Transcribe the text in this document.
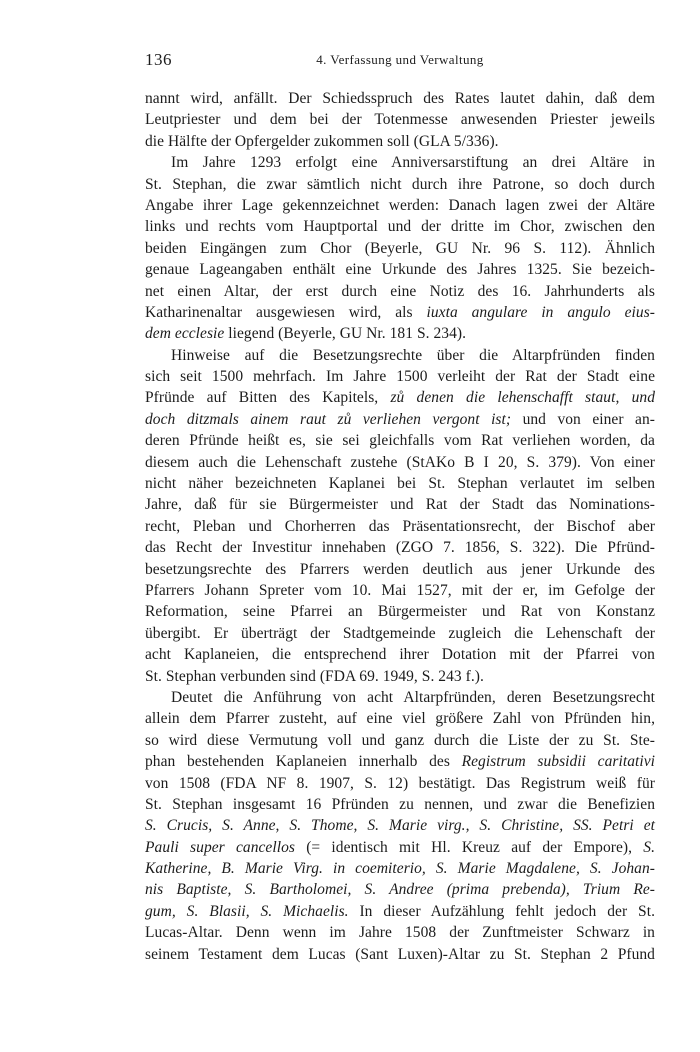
136	4. Verfassung und Verwaltung
nannt wird, anfällt. Der Schiedsspruch des Rates lautet dahin, daß dem
Leutpriester und dem bei der Totenmesse anwesenden Priester jeweils
die Hälfte der Opfergelder zukommen soll (GLA 5/336).
Im Jahre 1293 erfolgt eine Anniversarstiftung an drei Altäre in
St. Stephan, die zwar sämtlich nicht durch ihre Patrone, so doch durch
Angabe ihrer Lage gekennzeichnet werden: Danach lagen zwei der Altäre
links und rechts vom Hauptportal und der dritte im Chor, zwischen den
beiden Eingängen zum Chor (Beyerle, GU Nr. 96 S. 112). Ähnlich
genaue Lageangaben enthält eine Urkunde des Jahres 1325. Sie bezeich-
net einen Altar, der erst durch eine Notiz des 16. Jahrhunderts als
Katharinenaltar ausgewiesen wird, als iuxta angulare in angulo eius-
dem ecclesie liegend (Beyerle, GU Nr. 181 S. 234).
Hinweise auf die Besetzungsrechte über die Altarpfründen finden
sich seit 1500 mehrfach. Im Jahre 1500 verleiht der Rat der Stadt eine
Pfründe auf Bitten des Kapitels, zů denen die lehenschafft staut, und
doch ditzmals ainem raut zů verliehen vergont ist; und von einer an-
deren Pfründe heißt es, sie sei gleichfalls vom Rat verliehen worden, da
diesem auch die Lehenschaft zustehe (StAKo B I 20, S. 379). Von einer
nicht näher bezeichneten Kaplanei bei St. Stephan verlautet im selben
Jahre, daß für sie Bürgermeister und Rat der Stadt das Nominations-
recht, Pleban und Chorherren das Präsentationsrecht, der Bischof aber
das Recht der Investitur innehaben (ZGO 7. 1856, S. 322). Die Pfründ-
besetzungsrechte des Pfarrers werden deutlich aus jener Urkunde des
Pfarrers Johann Spreter vom 10. Mai 1527, mit der er, im Gefolge der
Reformation, seine Pfarrei an Bürgermeister und Rat von Konstanz
übergibt. Er überträgt der Stadtgemeinde zugleich die Lehenschaft der
acht Kaplaneien, die entsprechend ihrer Dotation mit der Pfarrei von
St. Stephan verbunden sind (FDA 69. 1949, S. 243 f.).
Deutet die Anführung von acht Altarpfründen, deren Besetzungsrecht
allein dem Pfarrer zusteht, auf eine viel größere Zahl von Pfründen hin,
so wird diese Vermutung voll und ganz durch die Liste der zu St. Ste-
phan bestehenden Kaplaneien innerhalb des Registrum subsidii caritativi
von 1508 (FDA NF 8. 1907, S. 12) bestätigt. Das Registrum weiß für
St. Stephan insgesamt 16 Pfründen zu nennen, und zwar die Benefizien
S. Crucis, S. Anne, S. Thome, S. Marie virg., S. Christine, SS. Petri et
Pauli super cancellos (= identisch mit Hl. Kreuz auf der Empore), S.
Katherine, B. Marie Virg. in coemiterio, S. Marie Magdalene, S. Johan-
nis Baptiste, S. Bartholomei, S. Andree (prima prebenda), Trium Re-
gum, S. Blasii, S. Michaelis. In dieser Aufzählung fehlt jedoch der St.
Lucas-Altar. Denn wenn im Jahre 1508 der Zunftmeister Schwarz in
seinem Testament dem Lucas (Sant Luxen)-Altar zu St. Stephan 2 Pfund
